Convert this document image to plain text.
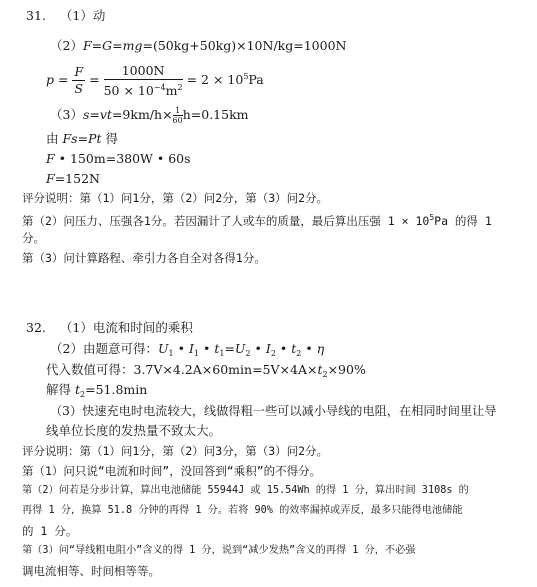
31. （1）动
（2）F=G=mg=(50kg+50kg)×10N/kg=1000N
$p = \frac{F}{S} = \frac{1000N}{50 \times 10^{-4}m^2} = 2 \times 10^5Pa$
$(3)s=vt=9km/h\times \frac{1}{60} h=0.15km$
由 Fs=Pt 得
F • 150m=380W • 60s
F=152N
评分说明：第（1）问1分，第（2）问2分，第（3）问2分。
第（2）问压力、压强各1分。若因漏计了人或车的质量，最后算出压强 $1 \times 10^5Pa$ 的得 1
分。
第（3）问计算路程、牵引力各自全对各得1分。
32. （1）电流和时间的乘积
（2）由题意可得：$U_1$ • $I_1$ • $t_1=U_2$ • $I_2$ • $t_2$ • η
代入数值可得：$3.7V\times 4.2A\times 60\min=5V\times 4A\times t_2\times 90\%$
解得 $t_2=51.8\min$
（3）快速充电时电流较大，线做得粗一些可以减小导线的电阻，在相同时间里让导
线单位长度的发热量不致太大。
评分说明：第（1）问1分，第（2）问3分，第（3）问2分。
第（1）问只说“电流和时间”，没回答到“乘积”的不得分。
第（2）问若是分步计算，算出电池储能 55944J 或 15.54Wh 的得 1 分，算出时间 3108s 的
再得 1 分，换算 51.8 分钟的再得 1 分。若将 90% 的效率漏掉或弄反，最多只能得电池储能
的 1 分。
第（3）问“导线粗电阻小”含义的得 1 分，说到“减少发热”含义的再得 1 分，不必强
调电流相等、时间相等等。
